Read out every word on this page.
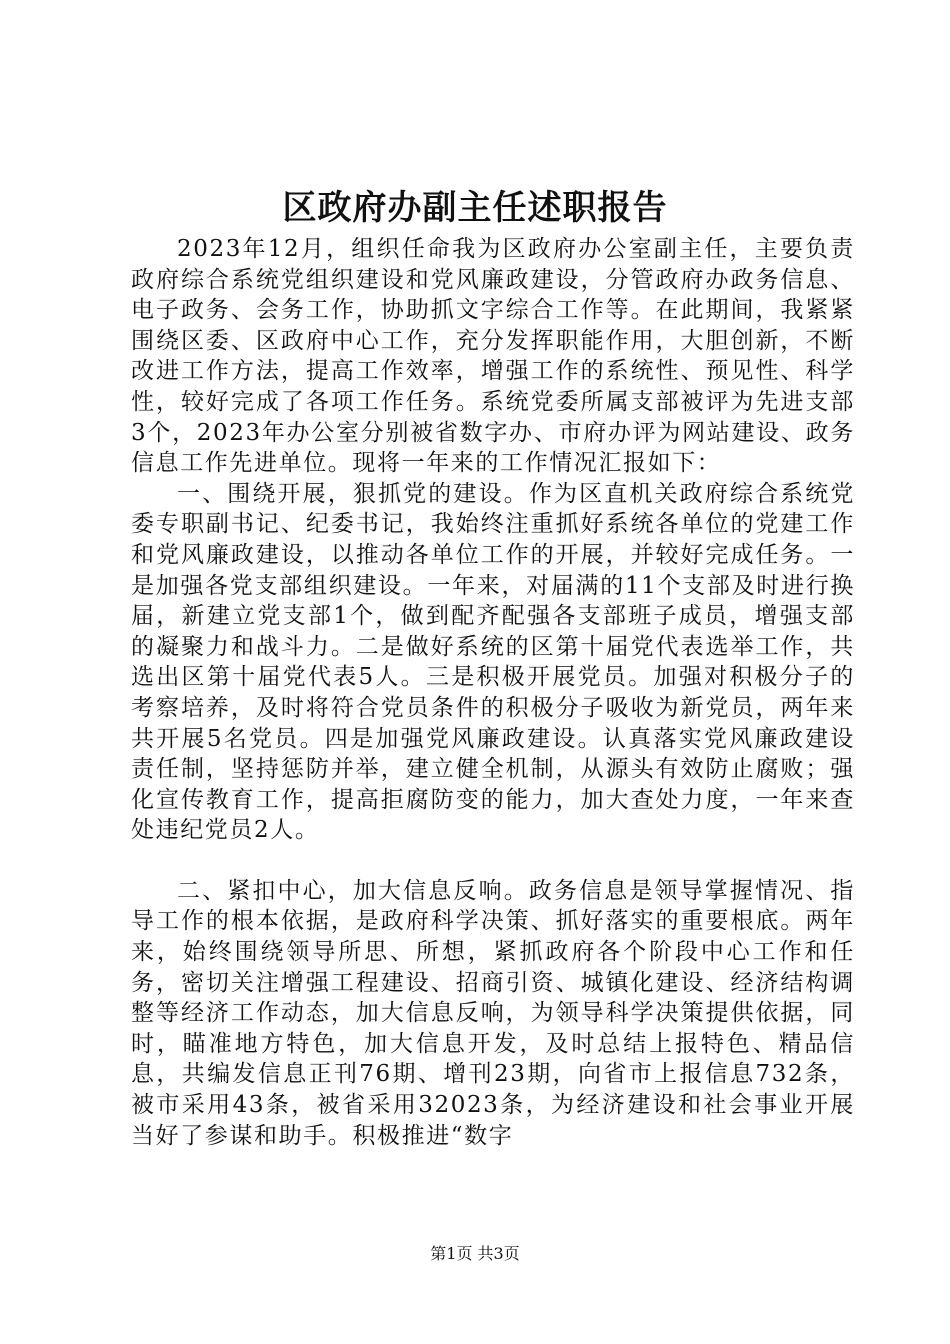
区政府办副主任述职报告

2023年12月，组织任命我为区政府办公室副主任，主要负责政府综合系统党组织建设和党风廉政建设，分管政府办政务信息、电子政务、会务工作，协助抓文字综合工作等。在此期间，我紧紧围绕区委、区政府中心工作，充分发挥职能作用，大胆创新，不断改进工作方法，提高工作效率，增强工作的系统性、预见性、科学性，较好完成了各项工作任务。系统党委所属支部被评为先进支部3个，2023年办公室分别被省数字办、市府办评为网站建设、政务信息工作先进单位。现将一年来的工作情况汇报如下：

一、围绕开展，狠抓党的建设。作为区直机关政府综合系统党委专职副书记、纪委书记，我始终注重抓好系统各单位的党建工作和党风廉政建设，以推动各单位工作的开展，并较好完成任务。一是加强各党支部组织建设。一年来，对届满的11个支部及时进行换届，新建立党支部1个，做到配齐配强各支部班子成员，增强支部的凝聚力和战斗力。二是做好系统的区第十届党代表选举工作，共选出区第十届党代表5人。三是积极开展党员。加强对积极分子的考察培养，及时将符合党员条件的积极分子吸收为新党员，两年来共开展5名党员。四是加强党风廉政建设。认真落实党风廉政建设责任制，坚持惩防并举，建立健全机制，从源头有效防止腐败；强化宣传教育工作，提高拒腐防变的能力，加大查处力度，一年来查处违纪党员2人。

二、紧扣中心，加大信息反响。政务信息是领导掌握情况、指导工作的根本依据，是政府科学决策、抓好落实的重要根底。两年来，始终围绕领导所思、所想，紧抓政府各个阶段中心工作和任务，密切关注增强工程建设、招商引资、城镇化建设、经济结构调整等经济工作动态，加大信息反响，为领导科学决策提供依据，同时，瞄准地方特色，加大信息开发，及时总结上报特色、精品信息，共编发信息正刊76期、增刊23期，向省市上报信息732条，被市采用43条，被省采用32023条，为经济建设和社会事业开展当好了参谋和助手。积极推进“数字

第1页 共3页
